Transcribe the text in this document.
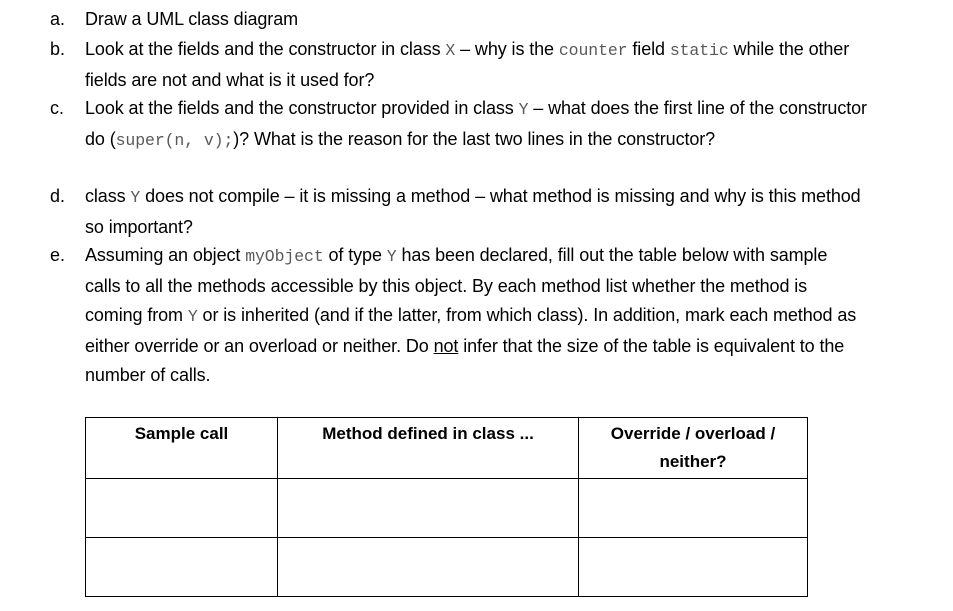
a. Draw a UML class diagram
b. Look at the fields and the constructor in class X – why is the counter field static while the other fields are not and what is it used for?
c. Look at the fields and the constructor provided in class Y – what does the first line of the constructor do (super(n, v);)? What is the reason for the last two lines in the constructor?
d. class Y does not compile – it is missing a method – what method is missing and why is this method so important?
e. Assuming an object myObject of type Y has been declared, fill out the table below with sample calls to all the methods accessible by this object. By each method list whether the method is coming from Y or is inherited (and if the latter, from which class). In addition, mark each method as either override or an overload or neither. Do not infer that the size of the table is equivalent to the number of calls.
Sample call	Method defined in class ...	Override / overload / neither?
